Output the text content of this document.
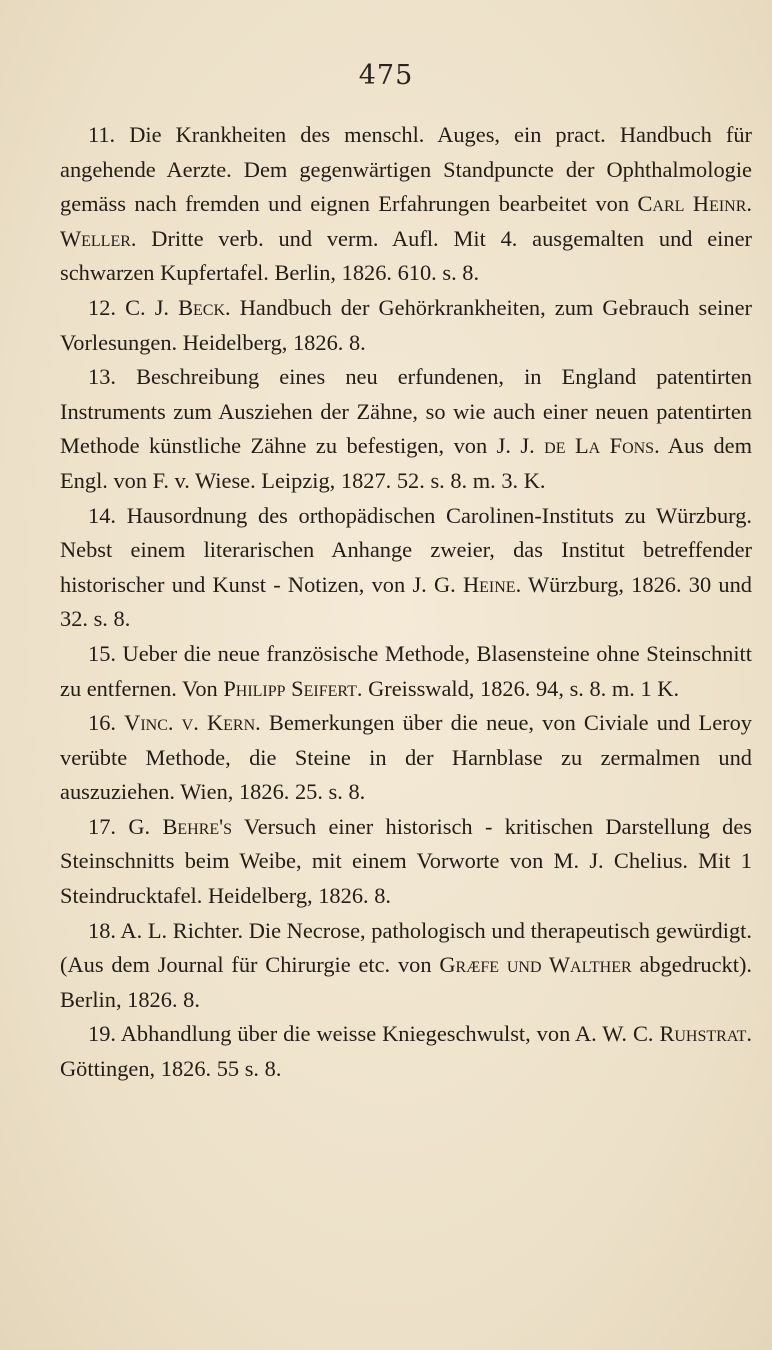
475

11. Die Krankheiten des menschl. Auges, ein pract. Handbuch für angehende Aerzte. Dem gegenwärtigen Standpuncte der Ophthalmologie gemäss nach fremden und eignen Erfahrungen bearbeitet von Carl Heinr. Weller. Dritte verb. und verm. Aufl. Mit 4. ausgemalten und einer schwarzen Kupfertafel. Berlin, 1826. 610. s. 8.

12. C. J. Beck. Handbuch der Gehörkrankheiten, zum Gebrauch seiner Vorlesungen. Heidelberg, 1826. 8.

13. Beschreibung eines neu erfundenen, in England patentirten Instruments zum Ausziehen der Zähne, so wie auch einer neuen patentirten Methode künstliche Zähne zu befestigen, von J. J. de La Fons. Aus dem Engl. von F. v. Wiese. Leipzig, 1827. 52. s. 8. m. 3. K.

14. Hausordnung des orthopädischen Carolinen-Instituts zu Würzburg. Nebst einem literarischen Anhange zweier, das Institut betreffender historischer und Kunst - Notizen, von J. G. Heine. Würzburg, 1826. 30 und 32. s. 8.

15. Ueber die neue französische Methode, Blasensteine ohne Steinschnitt zu entfernen. Von Philipp Seifert. Greisswald, 1826. 94, s. 8. m. 1 K.

16. Vinc. v. Kern. Bemerkungen über die neue, von Civiale und Leroy verübte Methode, die Steine in der Harnblase zu zermalmen und auszuziehen. Wien, 1826. 25. s. 8.

17. G. Behre's Versuch einer historisch - kritischen Darstellung des Steinschnitts beim Weibe, mit einem Vorworte von M. J. Chelius. Mit 1 Steindrucktafel. Heidelberg, 1826. 8.

18. A. L. Richter. Die Necrose, pathologisch und therapeutisch gewürdigt. (Aus dem Journal für Chirurgie etc. von Græfe und Walther abgedruckt). Berlin, 1826. 8.

19. Abhandlung über die weisse Kniegeschwulst, von A. W. C. Ruhstrat. Göttingen, 1826. 55 s. 8.
